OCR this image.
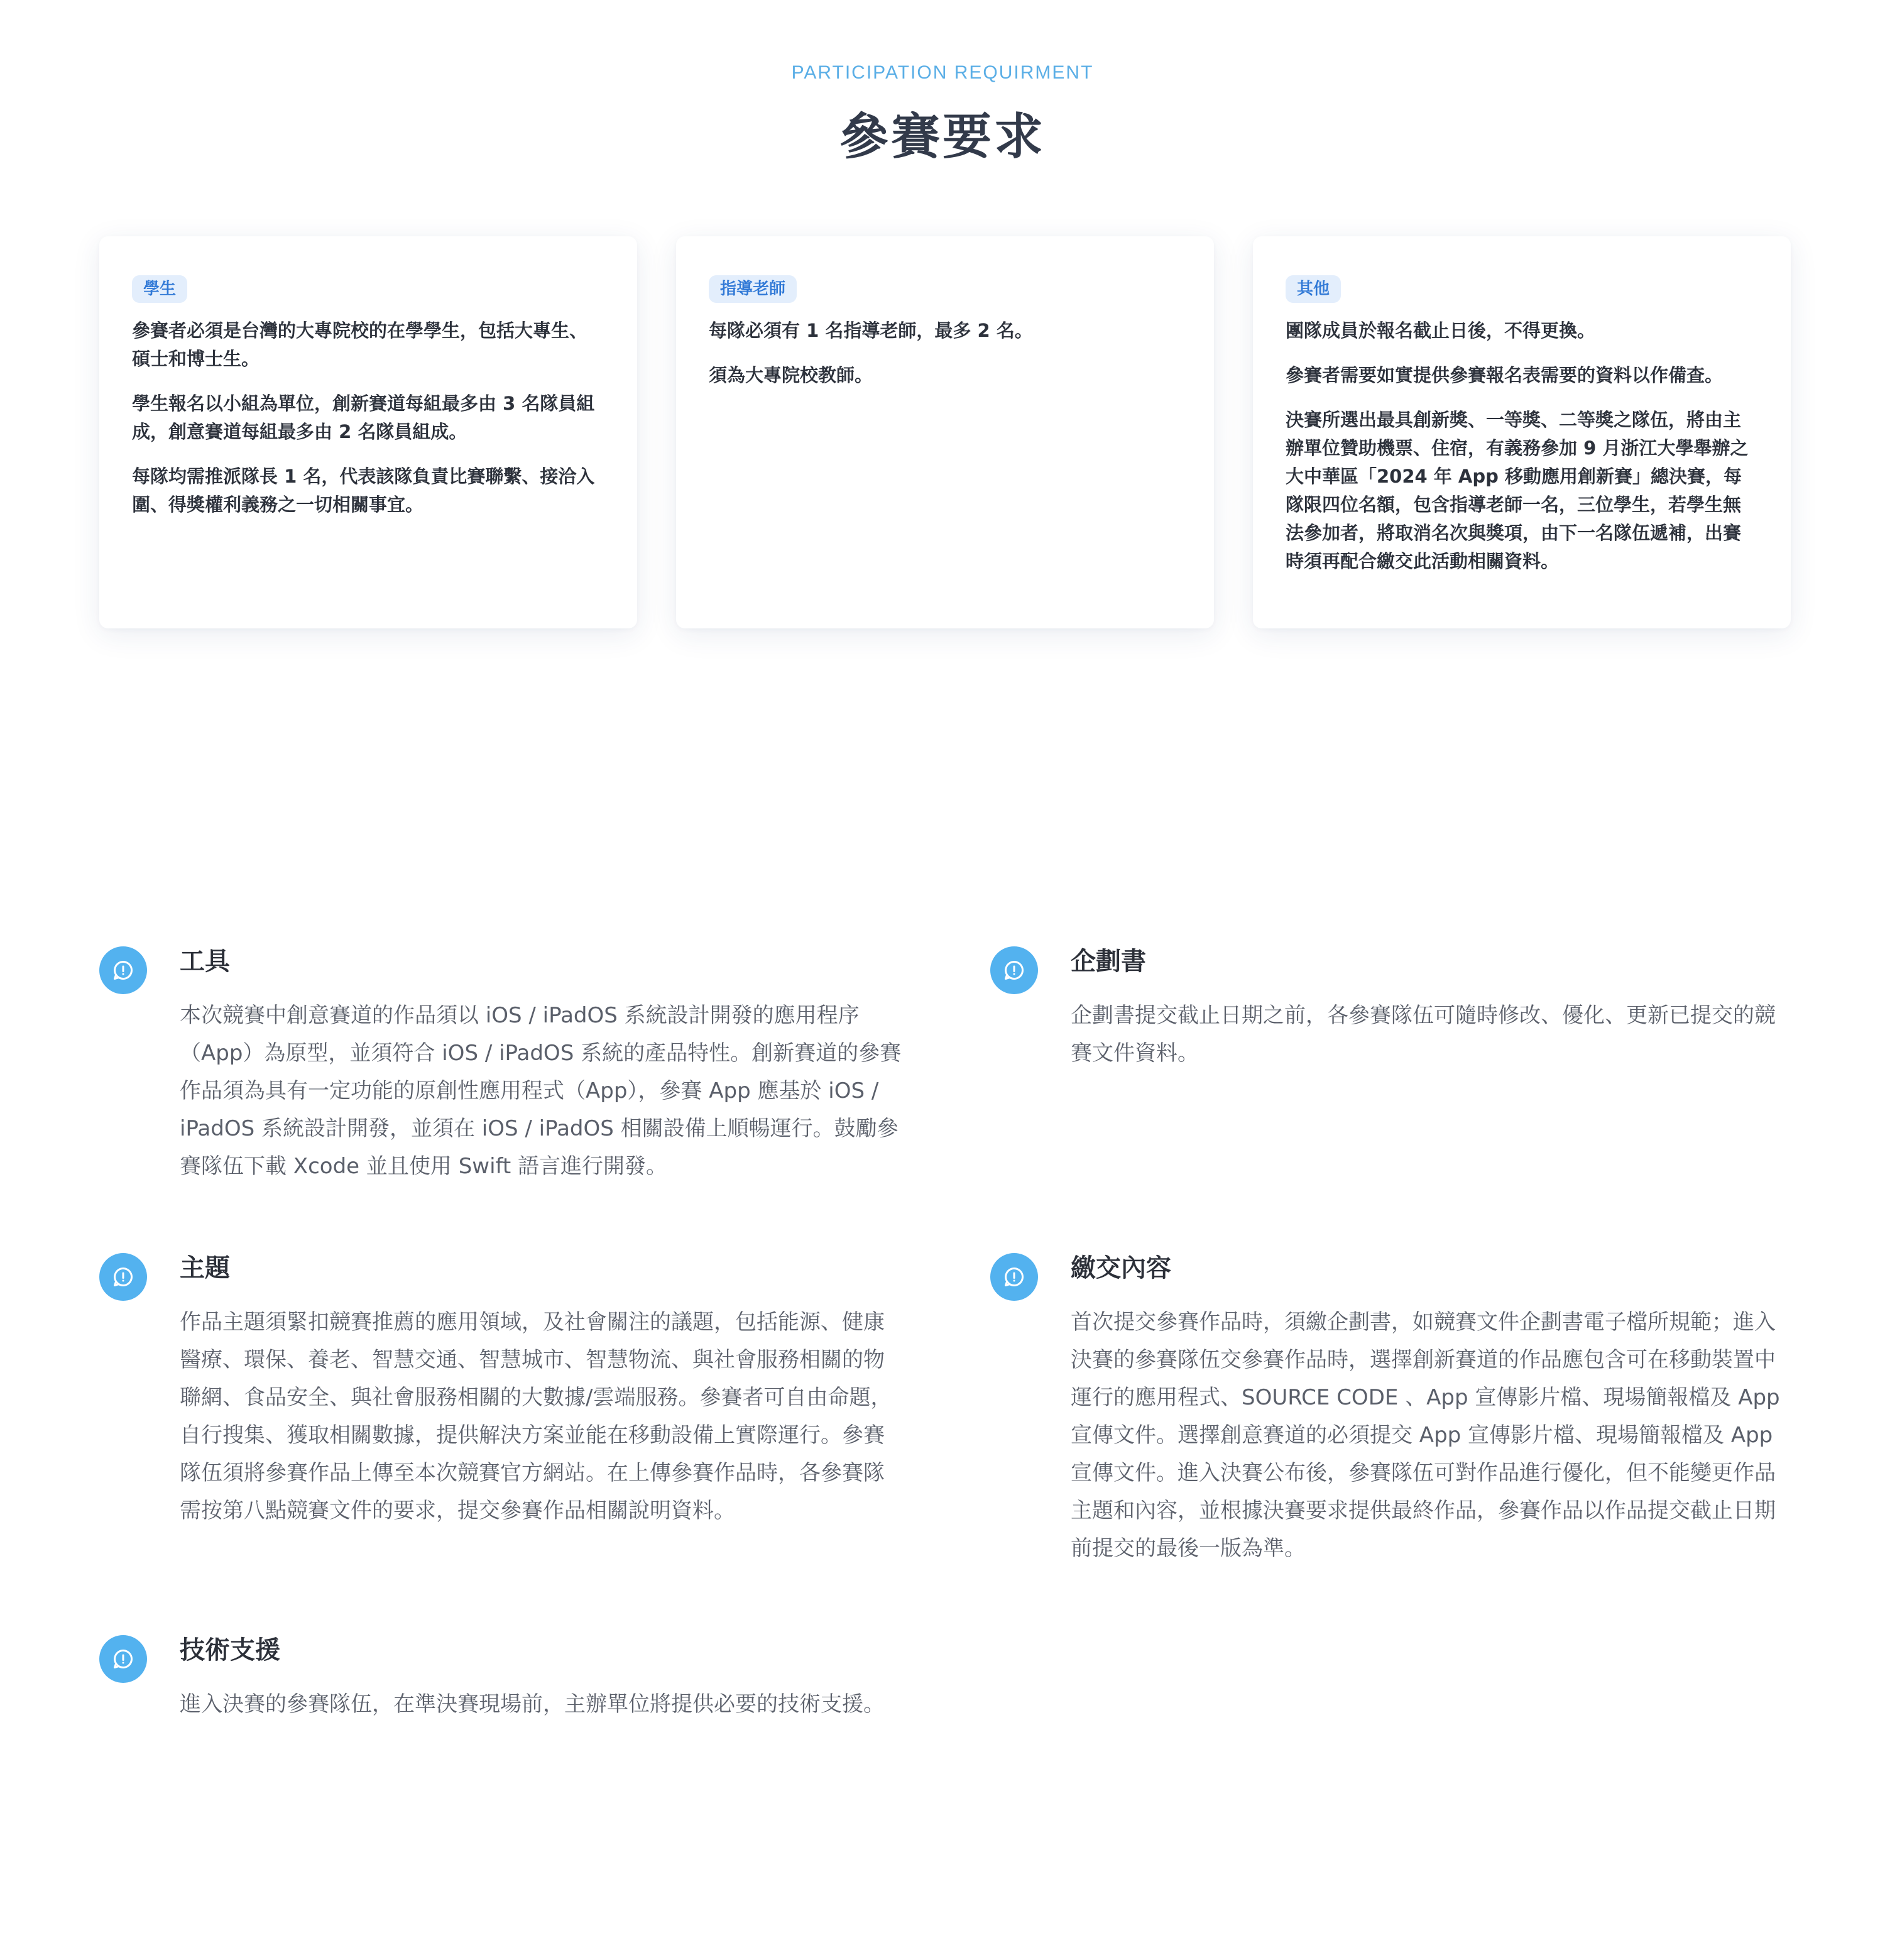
PARTICIPATION REQUIRMENT
參賽要求
學生

參賽者必須是台灣的大專院校的在學學生，包括大專生、碩士和博士生。

學生報名以小組為單位，創新賽道每組最多由 3 名隊員組成，創意賽道每組最多由 2 名隊員組成。

每隊均需推派隊長 1 名，代表該隊負責比賽聯繫、接洽入圍、得獎權利義務之一切相關事宜。

指導老師

每隊必須有 1 名指導老師，最多 2 名。

須為大專院校教師。

其他

團隊成員於報名截止日後，不得更換。

參賽者需要如實提供參賽報名表需要的資料以作備查。

決賽所選出最具創新獎、一等獎、二等獎之隊伍，將由主辦單位贊助機票、住宿，有義務參加 9 月浙江大學舉辦之大中華區「2024 年 App 移動應用創新賽」總決賽，每隊限四位名額，包含指導老師一名，三位學生，若學生無法參加者，將取消名次與獎項，由下一名隊伍遞補，出賽時須再配合繳交此活動相關資料。

工具

本次競賽中創意賽道的作品須以 iOS / iPadOS 系統設計開發的應用程序（App）為原型，並須符合 iOS / iPadOS 系統的產品特性。創新賽道的參賽作品須為具有一定功能的原創性應用程式（App），參賽 App 應基於 iOS / iPadOS 系統設計開發，並須在 iOS / iPadOS 相關設備上順暢運行。鼓勵參賽隊伍下載 Xcode 並且使用 Swift 語言進行開發。

企劃書

企劃書提交截止日期之前，各參賽隊伍可隨時修改、優化、更新已提交的競賽文件資料。

主題

作品主題須緊扣競賽推薦的應用領域，及社會關注的議題，包括能源、健康醫療、環保、養老、智慧交通、智慧城市、智慧物流、與社會服務相關的物聯網、食品安全、與社會服務相關的大數據/雲端服務。參賽者可自由命題，自行搜集、獲取相關數據，提供解決方案並能在移動設備上實際運行。參賽隊伍須將參賽作品上傳至本次競賽官方網站。在上傳參賽作品時，各參賽隊需按第八點競賽文件的要求，提交參賽作品相關說明資料。

繳交內容

首次提交參賽作品時，須繳企劃書，如競賽文件企劃書電子檔所規範；進入決賽的參賽隊伍交參賽作品時，選擇創新賽道的作品應包含可在移動裝置中運行的應用程式、SOURCE CODE 、App 宣傳影片檔、現場簡報檔及 App 宣傳文件。選擇創意賽道的必須提交 App 宣傳影片檔、現場簡報檔及 App 宣傳文件。進入決賽公布後，參賽隊伍可對作品進行優化，但不能變更作品主題和內容，並根據決賽要求提供最終作品，參賽作品以作品提交截止日期前提交的最後一版為準。

技術支援

進入決賽的參賽隊伍，在準決賽現場前，主辦單位將提供必要的技術支援。
